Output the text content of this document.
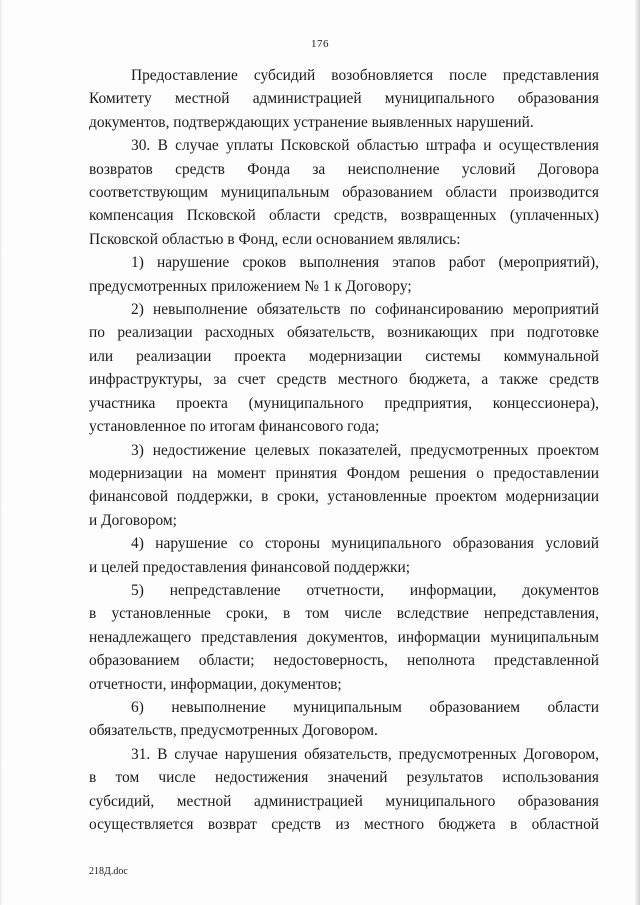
176

Предоставление субсидий возобновляется после представления
Комитету местной администрацией муниципального образования
документов, подтверждающих устранение выявленных нарушений.

30. В случае уплаты Псковской областью штрафа и осуществления
возвратов средств Фонда за неисполнение условий Договора
соответствующим муниципальным образованием области производится
компенсация Псковской области средств, возвращенных (уплаченных)
Псковской областью в Фонд, если основанием являлись:

1) нарушение сроков выполнения этапов работ (мероприятий),
предусмотренных приложением № 1 к Договору;

2) невыполнение обязательств по софинансированию мероприятий
по реализации расходных обязательств, возникающих при подготовке
или реализации проекта модернизации системы коммунальной
инфраструктуры, за счет средств местного бюджета, а также средств
участника проекта (муниципального предприятия, концессионера),
установленное по итогам финансового года;

3) недостижение целевых показателей, предусмотренных проектом
модернизации на момент принятия Фондом решения о предоставлении
финансовой поддержки, в сроки, установленные проектом модернизации
и Договором;

4) нарушение со стороны муниципального образования условий
и целей предоставления финансовой поддержки;

5) непредставление отчетности, информации, документов
в установленные сроки, в том числе вследствие непредставления,
ненадлежащего представления документов, информации муниципальным
образованием области; недостоверность, неполнота представленной
отчетности, информации, документов;

6) невыполнение муниципальным образованием области
обязательств, предусмотренных Договором.

31. В случае нарушения обязательств, предусмотренных Договором,
в том числе недостижения значений результатов использования
субсидий, местной администрацией муниципального образования
осуществляется возврат средств из местного бюджета в областной

218Д.doc
